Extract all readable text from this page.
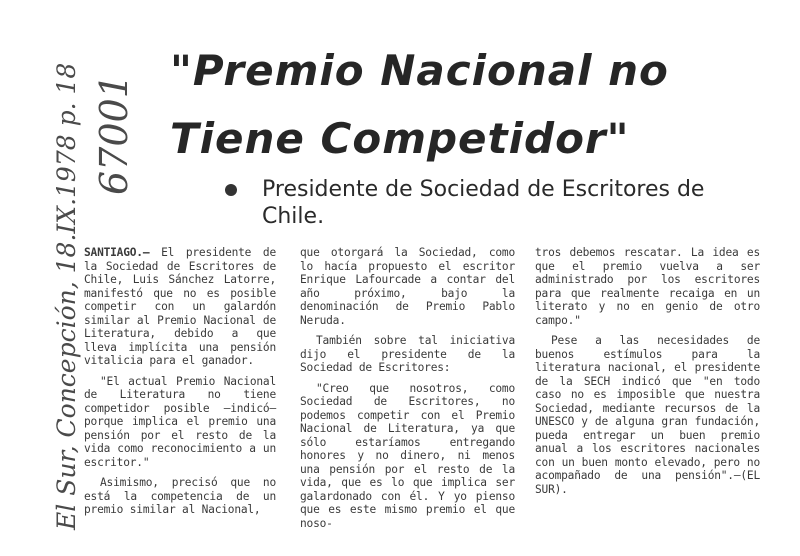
"Premio Nacional no
Tiene Competidor"

Presidente de Sociedad de Escritores de Chile.

SANTIAGO.— El presidente de la Sociedad de Escritores de Chile, Luis Sánchez Latorre, manifestó que no es posible competir con un galardón similar al Premio Nacional de Literatura, debido a que lleva implícita una pensión vitalicia para el ganador.

"El actual Premio Nacional de Literatura no tiene competidor posible —indicó— porque implica el premio una pensión por el resto de la vida como reconocimiento a un escritor."

Asimismo, precisó que no está la competencia de un premio similar al Nacional,

que otorgará la Sociedad, como lo hacía propuesto el escritor Enrique Lafourcade a contar del año próximo, bajo la denominación de Premio Pablo Neruda.

También sobre tal iniciativa dijo el presidente de la Sociedad de Escritores:

"Creo que nosotros, como Sociedad de Escritores, no podemos competir con el Premio Nacional de Literatura, ya que sólo estaríamos entregando honores y no dinero, ni menos una pensión por el resto de la vida, que es lo que implica ser galardonado con él. Y yo pienso que es este mismo premio el que noso-

tros debemos rescatar. La idea es que el premio vuelva a ser administrado por los escritores para que realmente recaiga en un literato y no en genio de otro campo."

Pese a las necesidades de buenos estímulos para la literatura nacional, el presidente de la SECH indicó que "en todo caso no es imposible que nuestra Sociedad, mediante recursos de la UNESCO y de alguna gran fundación, pueda entregar un buen premio anual a los escritores nacionales con un buen monto elevado, pero no acompañado de una pensión".—(EL SUR).

El Sur, Concepción, 18.IX.1978 p. 18 67001
